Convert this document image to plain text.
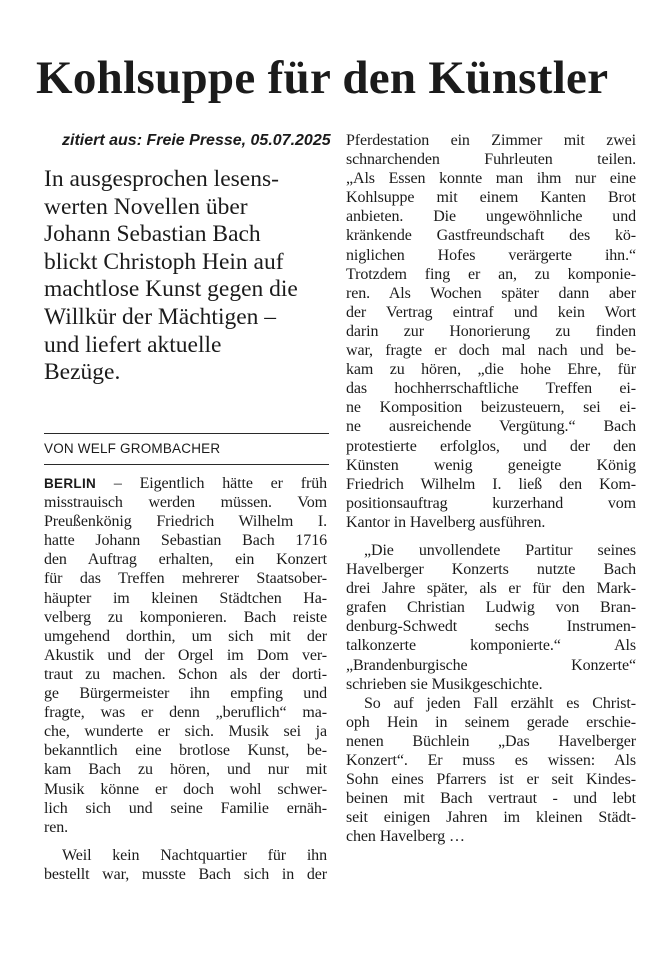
Kohlsuppe für den Künstler
zitiert aus: Freie Presse, 05.07.2025
In ausgesprochen lesens-
werten Novellen über
Johann Sebastian Bach
blickt Christoph Hein auf
machtlose Kunst gegen die
Willkür der Mächtigen –
und liefert aktuelle
Bezüge.
VON WELF GROMBACHER
BERLIN – Eigentlich hätte er früh
misstrauisch werden müssen. Vom
Preußenkönig Friedrich Wilhelm I.
hatte Johann Sebastian Bach 1716
den Auftrag erhalten, ein Konzert
für das Treffen mehrerer Staatsober-
häupter im kleinen Städtchen Ha-
velberg zu komponieren. Bach reiste
umgehend dorthin, um sich mit der
Akustik und der Orgel im Dom ver-
traut zu machen. Schon als der dorti-
ge Bürgermeister ihn empfing und
fragte, was er denn „beruflich“ ma-
che, wunderte er sich. Musik sei ja
bekanntlich eine brotlose Kunst, be-
kam Bach zu hören, und nur mit
Musik könne er doch wohl schwer-
lich sich und seine Familie ernäh-
ren.
Weil kein Nachtquartier für ihn
bestellt war, musste Bach sich in der
Pferdestation ein Zimmer mit zwei
schnarchenden Fuhrleuten teilen.
„Als Essen konnte man ihm nur eine
Kohlsuppe mit einem Kanten Brot
anbieten. Die ungewöhnliche und
kränkende Gastfreundschaft des kö-
niglichen Hofes verärgerte ihn.“
Trotzdem fing er an, zu komponie-
ren. Als Wochen später dann aber
der Vertrag eintraf und kein Wort
darin zur Honorierung zu finden
war, fragte er doch mal nach und be-
kam zu hören, „die hohe Ehre, für
das hochherrschaftliche Treffen ei-
ne Komposition beizusteuern, sei ei-
ne ausreichende Vergütung.“ Bach
protestierte erfolglos, und der den
Künsten wenig geneigte König
Friedrich Wilhelm I. ließ den Kom-
positionsauftrag kurzerhand vom
Kantor in Havelberg ausführen.
„Die unvollendete Partitur seines
Havelberger Konzerts nutzte Bach
drei Jahre später, als er für den Mark-
grafen Christian Ludwig von Bran-
denburg-Schwedt sechs Instrumen-
talkonzerte komponierte.“ Als
„Brandenburgische Konzerte“
schrieben sie Musikgeschichte.
So auf jeden Fall erzählt es Christ-
oph Hein in seinem gerade erschie-
nenen Büchlein „Das Havelberger
Konzert“. Er muss es wissen: Als
Sohn eines Pfarrers ist er seit Kindes-
beinen mit Bach vertraut - und lebt
seit einigen Jahren im kleinen Städt-
chen Havelberg …
